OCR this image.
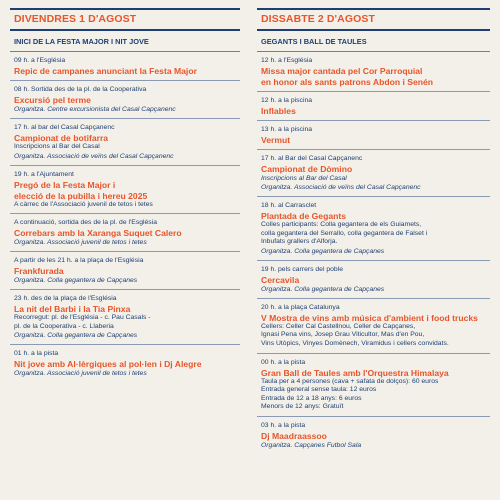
DIVENDRES 1 D'AGOST
INICI DE LA FESTA MAJOR I NIT JOVE
09 h. a l'Església
Repic de campanes anunciant la Festa Major
08 h. Sortida des de la pl. de la Cooperativa
Excursió pel terme
Organitza. Centre excursionista del Casal Capçanenc
17 h. al bar del Casal Capçanenc
Campionat de botifarra
Inscripcions al Bar del Casal
Organitza. Associació de veïns del Casal Capçanenc
19 h. a l'Ajuntament
Pregó de la Festa Major i
elecció de la pubilla i hereu 2025
A càrrec de l'Associació juvenil de tetos i tetes
A continuació, sortida des de la pl. de l'Església
Correbars amb la Xaranga Suquet Calero
Organitza. Associació juvenil de tetos i tetes
A partir de les 21 h. a la plaça de l'Església
Frankfurada
Organitza. Colla gegantera de Capçanes
23 h. des de la plaça de l'Església
La nit del Barbi i la Tia Pinxa
Recorregut: pl. de l'Església - c. Pau Casals -
pl. de la Cooperativa - c. Llaberia
Organitza. Colla gegantera de Capçanes
01 h. a la pista
Nit jove amb Al·lèrgiques al pol·len i Dj Alegre
Organitza. Associació juvenil de tetos i tetes
DISSABTE 2 D'AGOST
GEGANTS I BALL DE TAULES
12 h. a l'Església
Missa major cantada pel Cor Parroquial
en honor als sants patrons Abdon i Senén
12 h. a la piscina
Inflables
13 h. a la piscina
Vermut
17 h. al Bar del Casal Capçanenc
Campionat de Dòmino
Inscripcions al Bar del Casal
Organitza. Associació de veïns del Casal Capçanenc
18 h. al Carrasclet
Plantada de Gegants
Colles participants: Colla gegantera de els Guiamets,
colla gegantera del Serrallo, colla gegantera de Falset i
Inbufats grallers d'Alforja.
Organitza. Colla gegantera de Capçanes
19 h. pels carrers del poble
Cercavila
Organitza. Colla gegantera de Capçanes
20 h. a la plaça Catalunya
V Mostra de vins amb música d'ambient i food trucks
Cellers: Celler Cal Castellnou, Celler de Capçanes,
Ignasi Pena vins, Josep Grau Viticultor, Mas d'en Pou,
Vins Utòpics, Vinyes Domènech, Viramidus i cellers convidats.
00 h. a la pista
Gran Ball de Taules amb l'Orquestra Himalaya
Taula per a 4 persones (cava + safata de dolços): 60 euros
Entrada general sense taula: 12 euros
Entrada de 12 a 18 anys: 6 euros
Menors de 12 anys: Gratuït
03 h. a la pista
Dj Maadraassoo
Organitza. Capçanes Futbol Sala
